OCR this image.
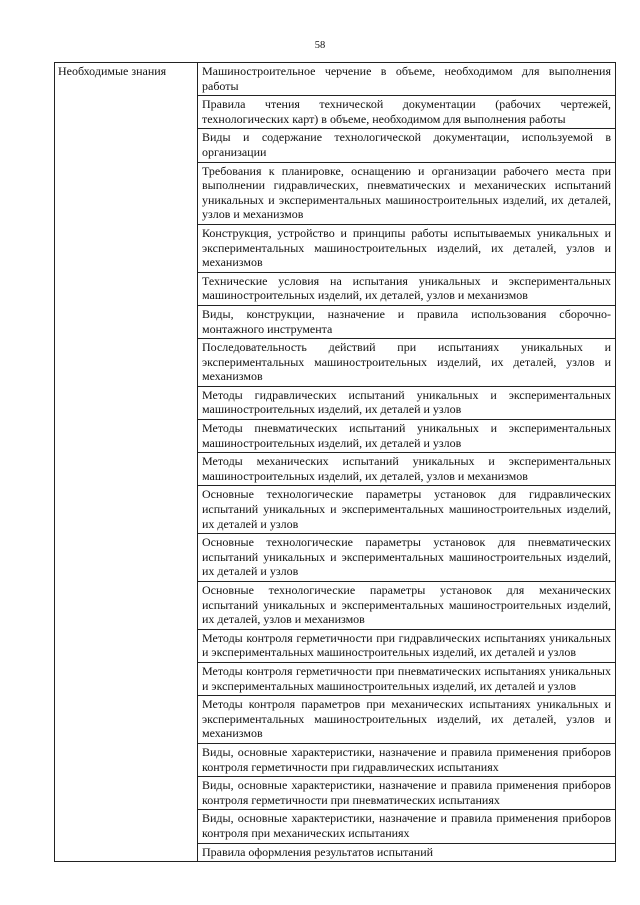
58
Необходимые знания	Машиностроительное черчение в объеме, необходимом для выполнения работы
Правила чтения технической документации (рабочих чертежей, технологических карт) в объеме, необходимом для выполнения работы
Виды и содержание технологической документации, используемой в организации
Требования к планировке, оснащению и организации рабочего места при выполнении гидравлических, пневматических и механических испытаний уникальных и экспериментальных машиностроительных изделий, их деталей, узлов и механизмов
Конструкция, устройство и принципы работы испытываемых уникальных и экспериментальных машиностроительных изделий, их деталей, узлов и механизмов
Технические условия на испытания уникальных и экспериментальных машиностроительных изделий, их деталей, узлов и механизмов
Виды, конструкции, назначение и правила использования сборочно-монтажного инструмента
Последовательность действий при испытаниях уникальных и экспериментальных машиностроительных изделий, их деталей, узлов и механизмов
Методы гидравлических испытаний уникальных и экспериментальных машиностроительных изделий, их деталей и узлов
Методы пневматических испытаний уникальных и экспериментальных машиностроительных изделий, их деталей и узлов
Методы механических испытаний уникальных и экспериментальных машиностроительных изделий, их деталей, узлов и механизмов
Основные технологические параметры установок для гидравлических испытаний уникальных и экспериментальных машиностроительных изделий, их деталей и узлов
Основные технологические параметры установок для пневматических испытаний уникальных и экспериментальных машиностроительных изделий, их деталей и узлов
Основные технологические параметры установок для механических испытаний уникальных и экспериментальных машиностроительных изделий, их деталей, узлов и механизмов
Методы контроля герметичности при гидравлических испытаниях уникальных и экспериментальных машиностроительных изделий, их деталей и узлов
Методы контроля герметичности при пневматических испытаниях уникальных и экспериментальных машиностроительных изделий, их деталей и узлов
Методы контроля параметров при механических испытаниях уникальных и экспериментальных машиностроительных изделий, их деталей, узлов и механизмов
Виды, основные характеристики, назначение и правила применения приборов контроля герметичности при гидравлических испытаниях
Виды, основные характеристики, назначение и правила применения приборов контроля герметичности при пневматических испытаниях
Виды, основные характеристики, назначение и правила применения приборов контроля при механических испытаниях
Правила оформления результатов испытаний
